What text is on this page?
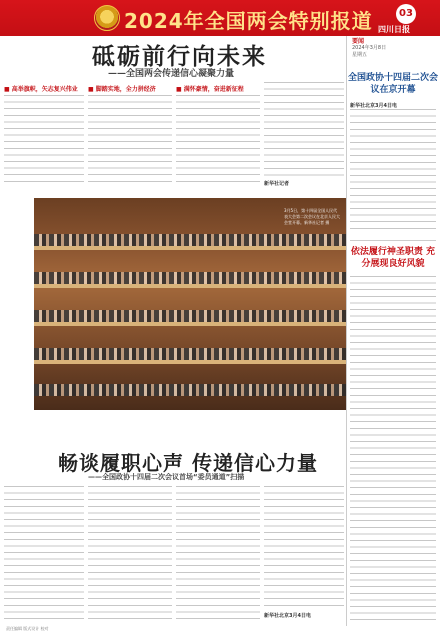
2024年全国两会特别报道	03
四川日报
要闻
2024年3月8日
星期五
砥砺前行向未来
——全国两会传递信心凝聚力量
■ 高举旗帜，矢志复兴伟业	■ 脚踏实地，全力拼经济	■ 满怀豪情，奋进新征程
新华社记者
全国政协十四届二次会议在京开幕
新华社北京3月4日电
依法履行神圣职责 充分展现良好风貌
3月5日，第十四届全国人民代表大会第二次会议在北京人民大会堂开幕。新华社记者 摄
畅谈履职心声 传递信心力量
——全国政协十四届二次会议首场“委员通道”扫描
新华社北京3月4日电
责任编辑 版式设计 校对
